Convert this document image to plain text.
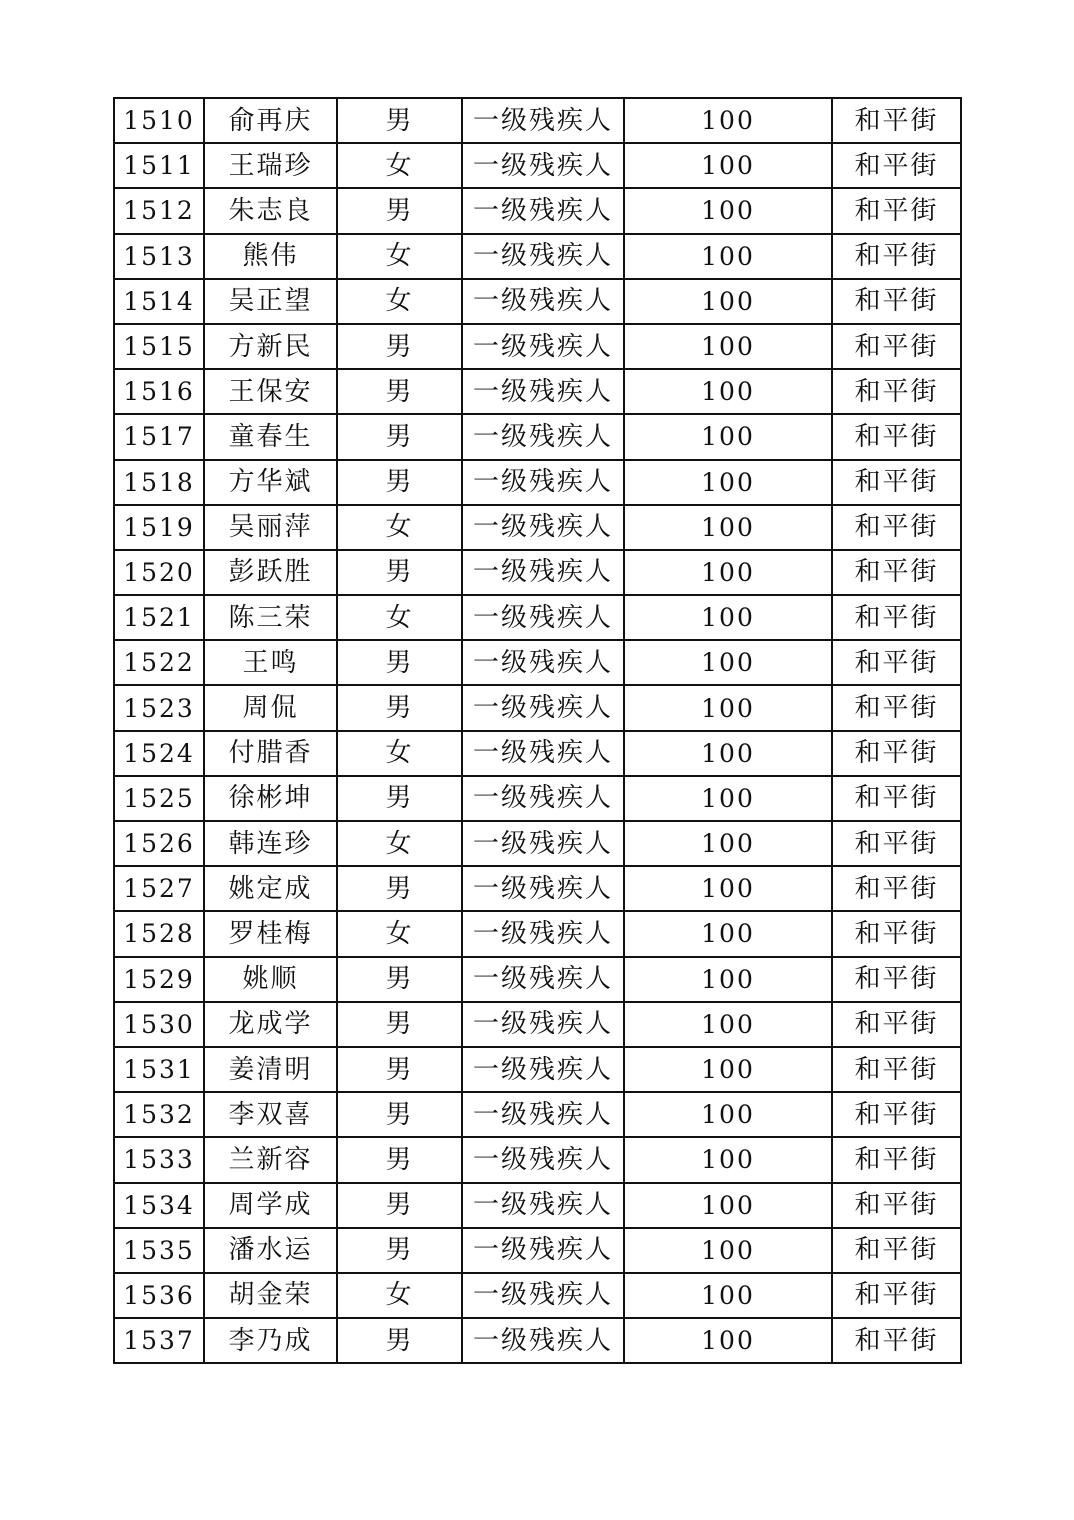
1510	俞再庆	男	一级残疾人	100	和平街
1511	王瑞珍	女	一级残疾人	100	和平街
1512	朱志良	男	一级残疾人	100	和平街
1513	熊伟	女	一级残疾人	100	和平街
1514	吴正望	女	一级残疾人	100	和平街
1515	方新民	男	一级残疾人	100	和平街
1516	王保安	男	一级残疾人	100	和平街
1517	童春生	男	一级残疾人	100	和平街
1518	方华斌	男	一级残疾人	100	和平街
1519	吴丽萍	女	一级残疾人	100	和平街
1520	彭跃胜	男	一级残疾人	100	和平街
1521	陈三荣	女	一级残疾人	100	和平街
1522	王鸣	男	一级残疾人	100	和平街
1523	周侃	男	一级残疾人	100	和平街
1524	付腊香	女	一级残疾人	100	和平街
1525	徐彬坤	男	一级残疾人	100	和平街
1526	韩连珍	女	一级残疾人	100	和平街
1527	姚定成	男	一级残疾人	100	和平街
1528	罗桂梅	女	一级残疾人	100	和平街
1529	姚顺	男	一级残疾人	100	和平街
1530	龙成学	男	一级残疾人	100	和平街
1531	姜清明	男	一级残疾人	100	和平街
1532	李双喜	男	一级残疾人	100	和平街
1533	兰新容	男	一级残疾人	100	和平街
1534	周学成	男	一级残疾人	100	和平街
1535	潘水运	男	一级残疾人	100	和平街
1536	胡金荣	女	一级残疾人	100	和平街
1537	李乃成	男	一级残疾人	100	和平街
